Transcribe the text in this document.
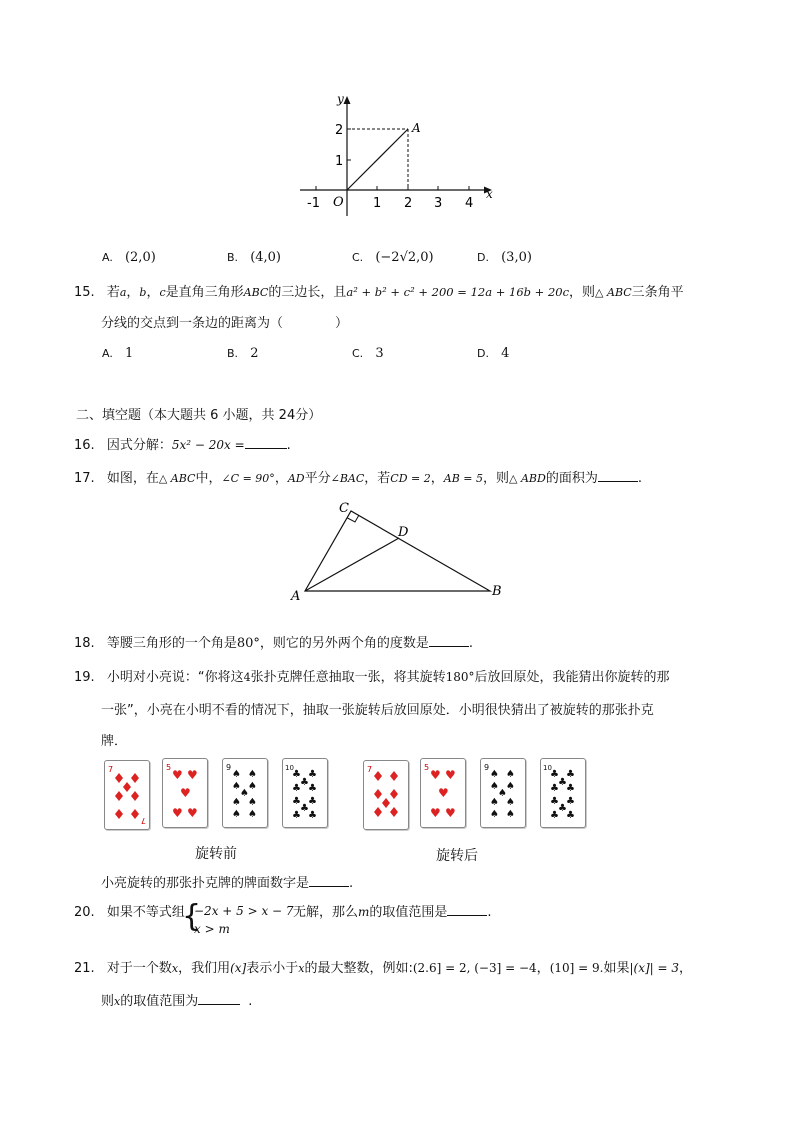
x
y
O
A
-1	1 2 3 4
1
2
A. (2,0)	B. (4,0)	C. (−2√2,0)	D. (3,0)
15. 若a，b，c是直角三角形ABC的三边长，且a² + b² + c² + 200 = 12a + 16b + 20c，则△ ABC三条角平
分线的交点到一条边的距离为（　　　　）
A. 1	B. 2	C. 3	D. 4
二、填空题（本大题共 6 小题，共 24分）
16. 因式分解：5x² − 20x =	.
17. 如图，在△ ABC中，∠C = 90°，AD平分∠BAC，若CD = 2，AB = 5，则△ ABD的面积为	.
A	B
C
D
18. 等腰三角形的一个角是80°，则它的另外两个角的度数是	.
19. 小明对小亮说：“你将这4张扑克牌任意抽取一张，将其旋转180°后放回原处，我能猜出你旋转的那
一张”，小亮在小明不看的情况下，抽取一张旋转后放回原处．小明很快猜出了被旋转的那张扑克
牌．
7
7
5
♥ ♥
♥
♥ ♥
9
♠ ♠
♠ ♠
♠
♠ ♠
♠ ♠
10
♣ ♣
♣
♣ ♣
♣ ♣
♣
♣ ♣
7	5
♥ ♥
♥
♥ ♥
9
♠ ♠
♠ ♠
♠
♠ ♠
♠ ♠
10
♣ ♣
♣
♣ ♣
♣ ♣
♣
♣ ♣
旋转前	旋转后
小亮旋转的那张扑克牌的牌面数字是	.
20. 如果不等式组
{
−2x + 5 > x − 7
x > m
无解，那么m的取值范围是	.
21. 对于一个数x，我们用(x]表示小于x的最大整数，例如:(2.6] = 2, (−3] = −4，(10] = 9.如果|(x]| = 3，
则x的取值范围为	.
